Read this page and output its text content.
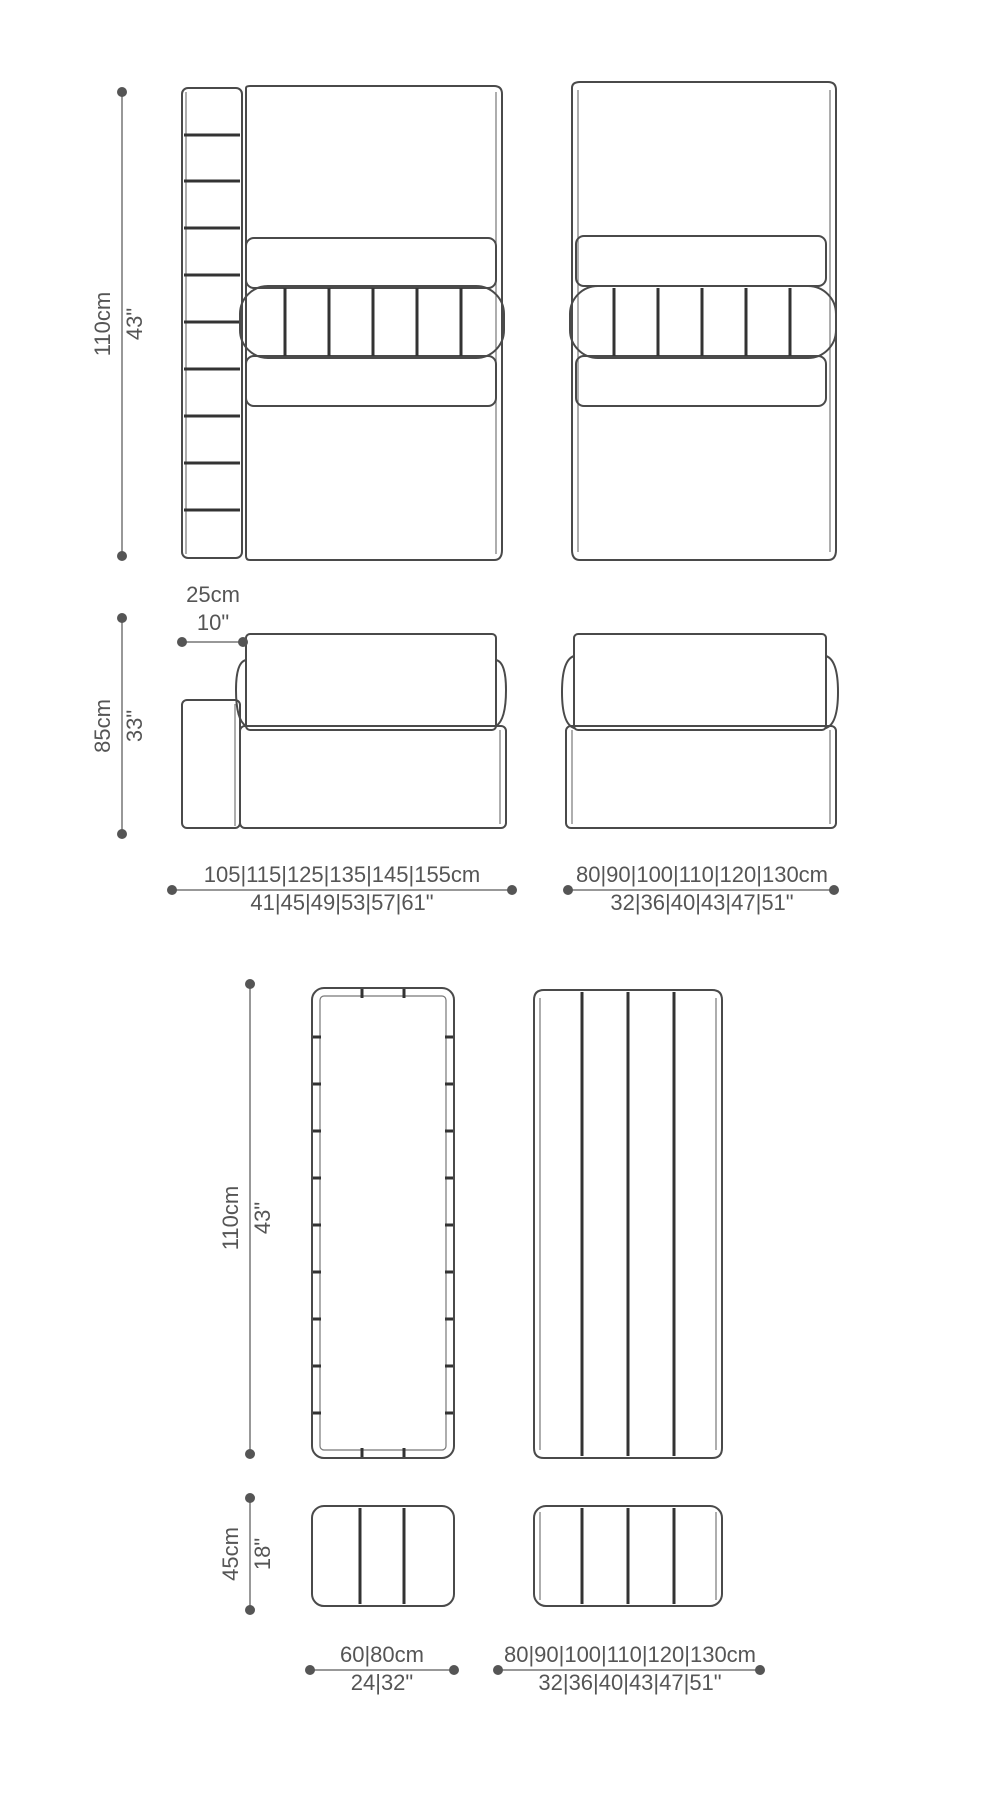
110cm 43"
25cm
10"
85cm 33"
105|115|125|135|145|155cm
41|45|49|53|57|61"
80|90|100|110|120|130cm
32|36|40|43|47|51"
110cm 43"
45cm 18"
60|80cm
24|32"
80|90|100|110|120|130cm
32|36|40|43|47|51"
